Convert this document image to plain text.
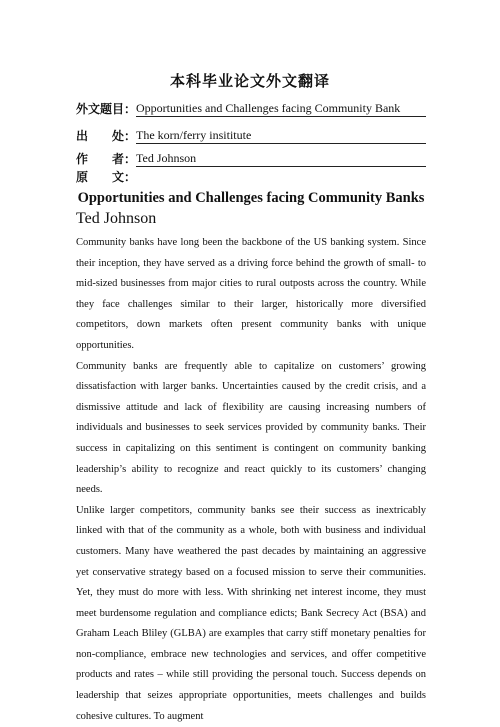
本科毕业论文外文翻译
外文题目： Opportunities and Challenges facing Community Bank
出　　处： The korn/ferry insititute
作　　者： Ted Johnson
原　　文：
Opportunities and Challenges facing Community Banks
Ted Johnson

Community banks have long been the backbone of the US banking system. Since their inception, they have served as a driving force behind the growth of small- to mid-sized businesses from major cities to rural outposts across the country. While they face challenges similar to their larger, historically more diversified competitors, down markets often present community banks with unique opportunities.

Community banks are frequently able to capitalize on customers’ growing dissatisfaction with larger banks. Uncertainties caused by the credit crisis, and a dismissive attitude and lack of flexibility are causing increasing numbers of individuals and businesses to seek services provided by community banks. Their success in capitalizing on this sentiment is contingent on community banking leadership’s ability to recognize and react quickly to its customers’ changing needs.

Unlike larger competitors, community banks see their success as inextricably linked with that of the community as a whole, both with business and individual customers. Many have weathered the past decades by maintaining an aggressive yet conservative strategy based on a focused mission to serve their communities. Yet, they must do more with less. With shrinking net interest income, they must meet burdensome regulation and compliance edicts; Bank Secrecy Act (BSA) and Graham Leach Bliley (GLBA) are examples that carry stiff monetary penalties for non-compliance, embrace new technologies and services, and offer competitive products and rates – while still providing the personal touch. Success depends on leadership that seizes appropriate opportunities, meets challenges and builds cohesive cultures. To augment
